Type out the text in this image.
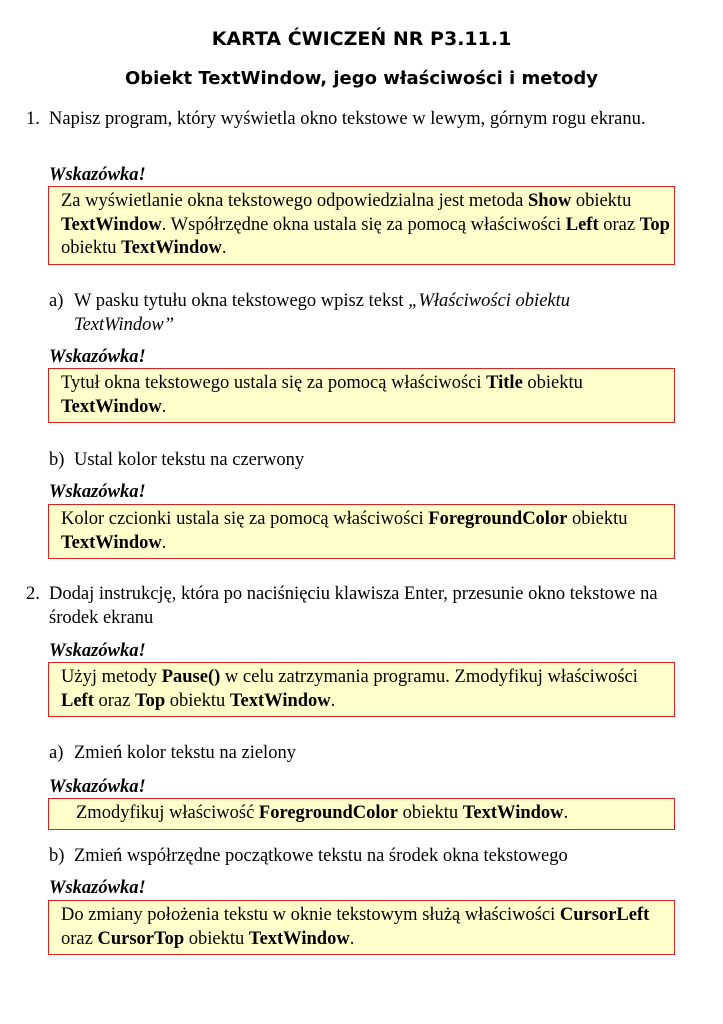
KARTA ĆWICZEŃ NR P3.11.1
Obiekt TextWindow, jego właściwości i metody
1. Napisz program, który wyświetla okno tekstowe w lewym, górnym rogu ekranu.
Wskazówka!
Za wyświetlanie okna tekstowego odpowiedzialna jest metoda Show obiektu TextWindow. Współrzędne okna ustala się za pomocą właściwości Left oraz Top obiektu TextWindow.
a) W pasku tytułu okna tekstowego wpisz tekst „Właściwości obiektu TextWindow”
Wskazówka!
Tytuł okna tekstowego ustala się za pomocą właściwości Title obiektu TextWindow.
b) Ustal kolor tekstu na czerwony
Wskazówka!
Kolor czcionki ustala się za pomocą właściwości ForegroundColor obiektu TextWindow.
2. Dodaj instrukcję, która po naciśnięciu klawisza Enter, przesunie okno tekstowe na środek ekranu
Wskazówka!
Użyj metody Pause() w celu zatrzymania programu. Zmodyfikuj właściwości Left oraz Top obiektu TextWindow.
a) Zmień kolor tekstu na zielony
Wskazówka!
Zmodyfikuj właściwość ForegroundColor obiektu TextWindow.
b) Zmień współrzędne początkowe tekstu na środek okna tekstowego
Wskazówka!
Do zmiany położenia tekstu w oknie tekstowym służą właściwości CursorLeft oraz CursorTop obiektu TextWindow.
